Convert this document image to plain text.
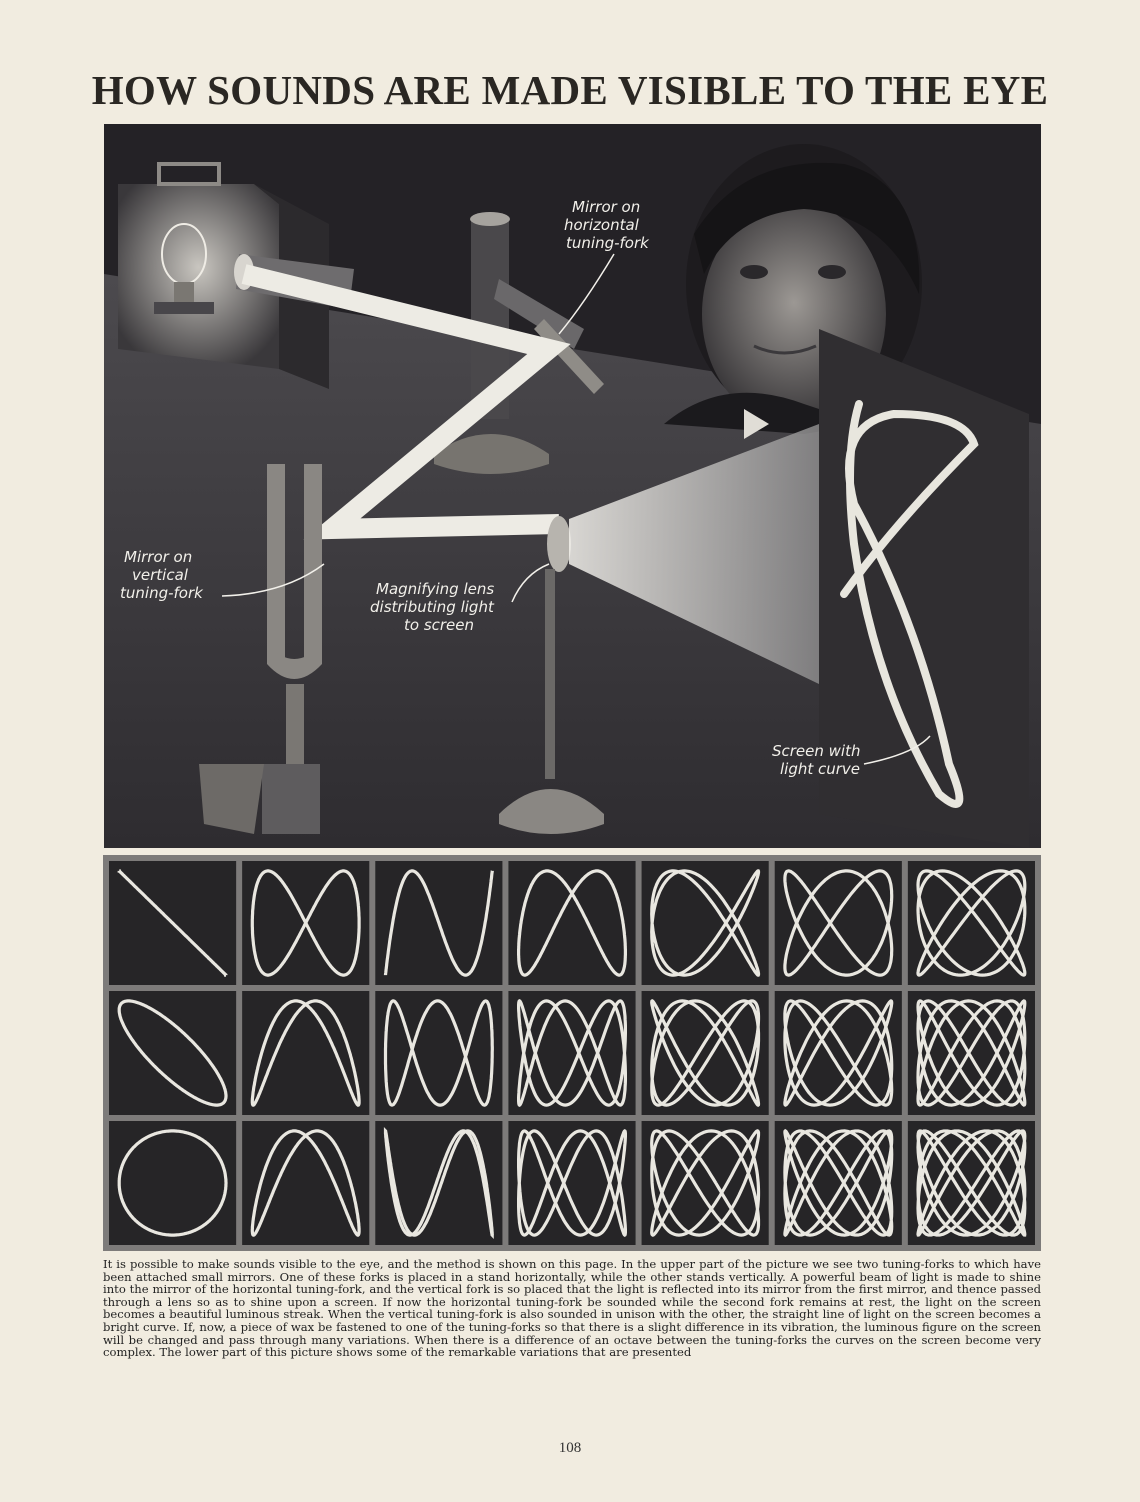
HOW SOUNDS ARE MADE VISIBLE TO THE EYE
Mirror on
horizontal
tuning-fork
Mirror on
vertical
tuning-fork	Magnifying lens
distributing light
to screen
Screen with
light curve

It is possible to make sounds visible to the eye, and the method is shown on this page. In the upper part of the picture we see two tuning-forks to which have been attached small mirrors. One of these forks is placed in a stand horizontally, while the other stands vertically. A powerful beam of light is made to shine into the mirror of the horizontal tuning-fork, and the vertical fork is so placed that the light is reflected into its mirror from the first mirror, and thence passed through a lens so as to shine upon a screen. If now the horizontal tuning-fork be sounded while the second fork remains at rest, the light on the screen becomes a beautiful luminous streak. When the vertical tuning-fork is also sounded in unison with the other, the straight line of light on the screen becomes a bright curve. If, now, a piece of wax be fastened to one of the tuning-forks so that there is a slight difference in its vibration, the luminous figure on the screen will be changed and pass through many variations. When there is a difference of an octave between the tuning-forks the curves on the screen become very complex. The lower part of this picture shows some of the remarkable variations that are presented

108
